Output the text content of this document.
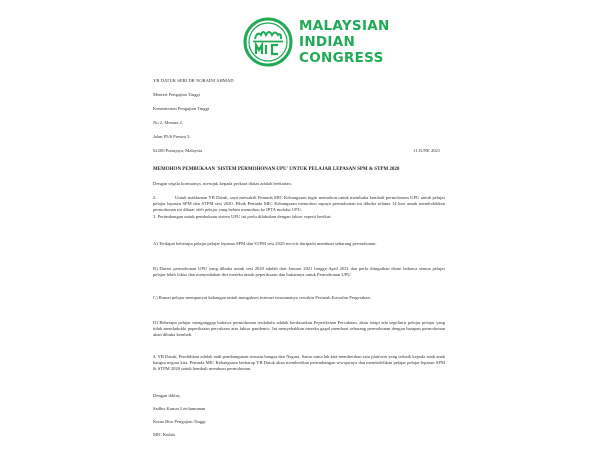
MALAYSIAN
INDIAN
CONGRESS
YB DATUK SERI DR NORAINI AHMAD
Menteri Pengajian Tinggi
Kementerian Pengajian Tinggi
No 2, Menara 2,
Jalan P5/6 Presint 5,
62200 Putrajaya, Malaysia	11 JUNE 2021
MEMOHON PEMBUKAAN 'SISTEM PERMOHONAN UPU' UNTUK PELAJAR LEPASAN SPM & STPM 2020
Dengan segala hormatnya, merujuk kepada perkara diatas adalah berkaitan.
2.	Untuk makluman YB Datuk, saya mewakili Pemuda MIC Kebangsaan ingin memohon untuk membuka kembali permohonan UPU untuk pelajar pelajar lepasan SPM dan STPM sesi 2020. Pihak Pemuda MIC Kebangsaan memohon supaya permohonan ini dibuka selama 14 hari untuk membolehkan permohonan ini dibuat oleh pelajar yang belum memohon ke IPTA melalui UPU.
3. Pertimbangan untuk pembukaan sistem UPU ini perlu dilakukan dengan faktor seperti berikut:
A) Terdapat beberapa pelajar pelajar lepasan SPM dan STPM sesi 2020 tercicir daripada membuat sebarang permohonan.
B) Durasi permohonan UPU yang dibuka untuk sesi 2020 adalah dari Januari 2021 hingga April 2021 dan perlu diingatkan disini bahawa semua pelajar pelajar lebih fokus dan menyediakan diri mereka untuk peperiksaan dan bukannya untuk Permohonan UPU.
C) Ramai pelajar mempunyai kekangan untuk mengakses internet terutamanya sewaktu Perintah Kawalan Pergerakan.
D) Beberapa pelajar menganggap bahawa permohonan terdahulu adalah berdasarkan Peperiksaan Percubaan, akan tetapi ada segelintir pelajar pelajar yang tidak mendudukki peperiksaan percubaan atas faktor pandemic. Ini menyebabkan mereka gagal membuat sebarang permohonan dengan harapan permohonan akan dibuka kembali.
4. YB Datuk, Pendidikan adalah nadi pembangunan sesuatu bangsa dan Negara. Sama sama lah kita memberikan satu platform yang terbaik kepada anak anak bangsa negara kita. Pemuda MIC Kebangsaan berharap YB Datuk akan memberikan pertimbangan sewajarnya dan membolehkan pelajar pelajar lepasan SPM & STPM 2020 untuk kembali membuat permohonan.
Dengan ikhlas,
Sadhis Kumar Letchumanan
Ketua Biro Pengajian Tinggi
MIC Kedah
